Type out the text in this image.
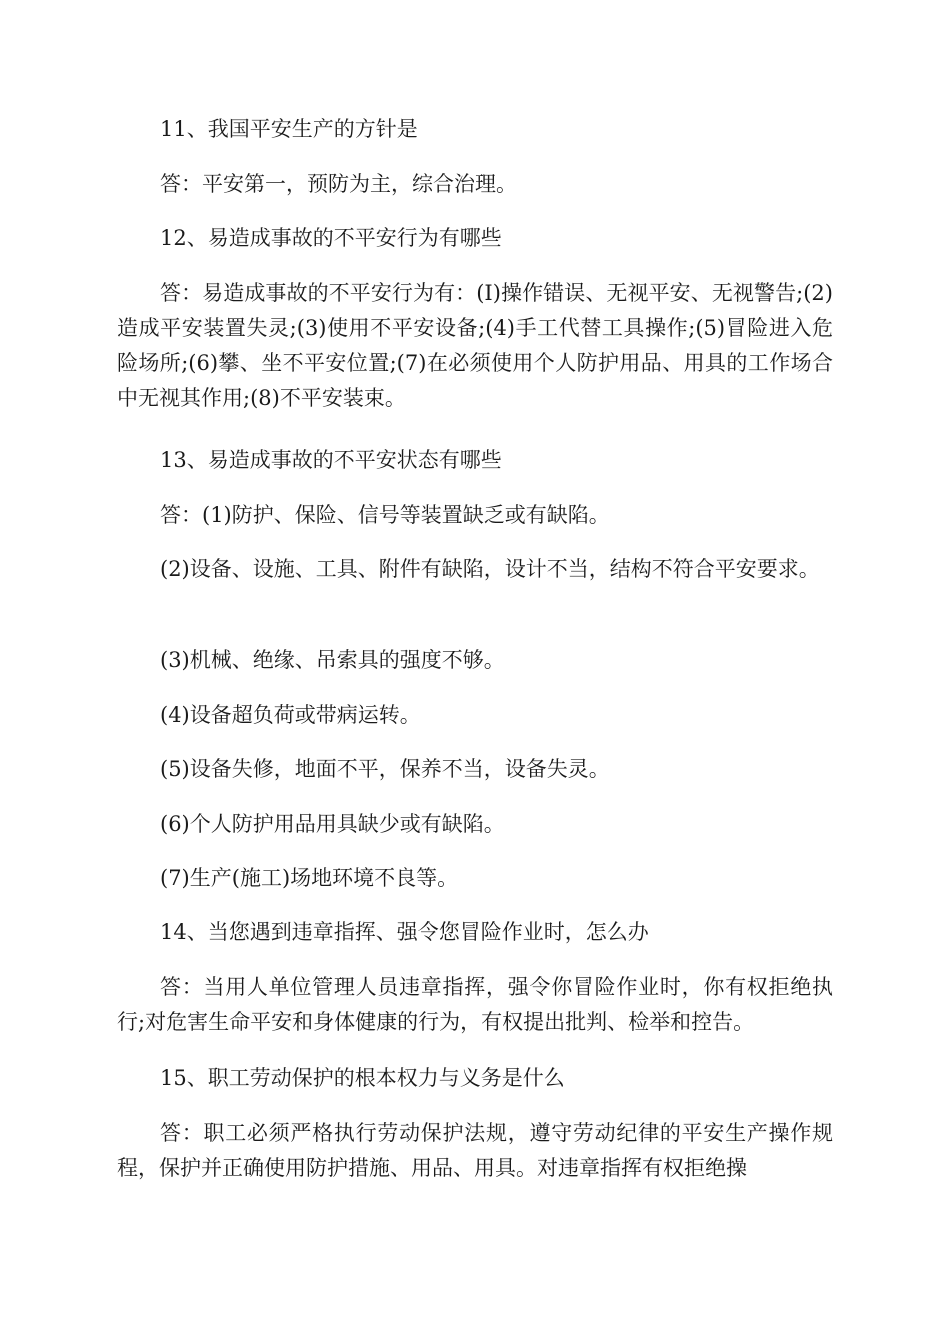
11、我国平安生产的方针是
答：平安第一，预防为主，综合治理。
12、易造成事故的不平安行为有哪些
答：易造成事故的不平安行为有：(I)操作错误、无视平安、无视警告;(2)造成平安装置失灵;(3)使用不平安设备;(4)手工代替工具操作;(5)冒险进入危险场所;(6)攀、坐不平安位置;(7)在必须使用个人防护用品、用具的工作场合中无视其作用;(8)不平安装束。
13、易造成事故的不平安状态有哪些
答：(1)防护、保险、信号等装置缺乏或有缺陷。
(2)设备、设施、工具、附件有缺陷，设计不当，结构不符合平安要求。
(3)机械、绝缘、吊索具的强度不够。
(4)设备超负荷或带病运转。
(5)设备失修，地面不平，保养不当，设备失灵。
(6)个人防护用品用具缺少或有缺陷。
(7)生产(施工)场地环境不良等。
14、当您遇到违章指挥、强令您冒险作业时，怎么办
答：当用人单位管理人员违章指挥，强令你冒险作业时，你有权拒绝执行;对危害生命平安和身体健康的行为，有权提出批判、检举和控告。
15、职工劳动保护的根本权力与义务是什么
答：职工必须严格执行劳动保护法规，遵守劳动纪律的平安生产操作规程，保护并正确使用防护措施、用品、用具。对违章指挥有权拒绝操
